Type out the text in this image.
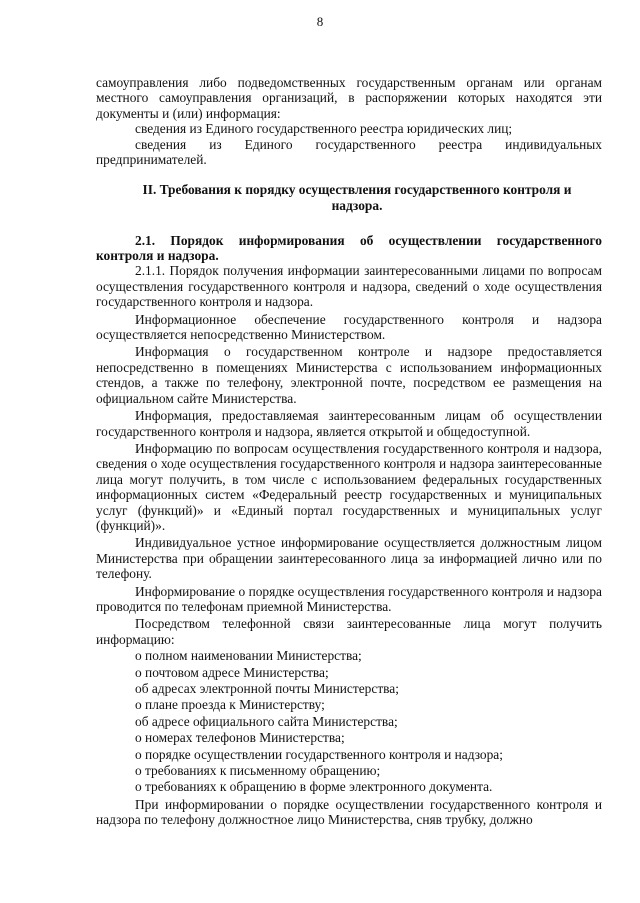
8

самоуправления либо подведомственных государственным органам или органам местного самоуправления организаций, в распоряжении которых находятся эти документы и (или) информация:

сведения из Единого государственного реестра юридических лиц;

сведения из Единого государственного реестра индивидуальных предпринимателей.

II. Требования к порядку осуществления государственного контроля и надзора.

2.1. Порядок информирования об осуществлении государственного контроля и надзора.

2.1.1. Порядок получения информации заинтересованными лицами по вопросам осуществления государственного контроля и надзора, сведений о ходе осуществления государственного контроля и надзора.

Информационное обеспечение государственного контроля и надзора осуществляется непосредственно Министерством.

Информация о государственном контроле и надзоре предоставляется непосредственно в помещениях Министерства с использованием информационных стендов, а также по телефону, электронной почте, посредством ее размещения на официальном сайте Министерства.

Информация, предоставляемая заинтересованным лицам об осуществлении государственного контроля и надзора, является открытой и общедоступной.

Информацию по вопросам осуществления государственного контроля и надзора, сведения о ходе осуществления государственного контроля и надзора заинтересованные лица могут получить, в том числе с использованием федеральных государственных информационных систем «Федеральный реестр государственных и муниципальных услуг (функций)» и «Единый портал государственных и муниципальных услуг (функций)».

Индивидуальное устное информирование осуществляется должностным лицом Министерства при обращении заинтересованного лица за информацией лично или по телефону.

Информирование о порядке осуществления государственного контроля и надзора проводится по телефонам приемной Министерства.

Посредством телефонной связи заинтересованные лица могут получить информацию:

о полном наименовании Министерства;

о почтовом адресе Министерства;

об адресах электронной почты Министерства;

о плане проезда к Министерству;

об адресе официального сайта Министерства;

о номерах телефонов Министерства;

о порядке осуществлении государственного контроля и надзора;

о требованиях к письменному обращению;

о требованиях к обращению в форме электронного документа.

При информировании о порядке осуществлении государственного контроля и надзора по телефону должностное лицо Министерства, сняв трубку, должно
